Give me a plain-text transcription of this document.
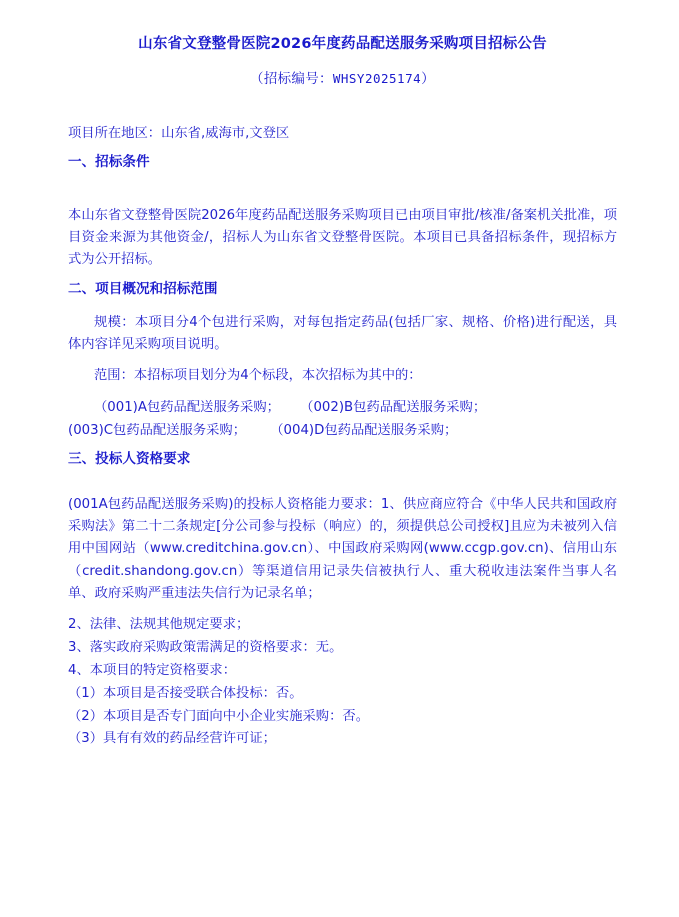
山东省文登整骨医院2026年度药品配送服务采购项目招标公告
（招标编号：WHSY2025174）
项目所在地区：山东省,威海市,文登区
一、招标条件
本山东省文登整骨医院2026年度药品配送服务采购项目已由项目审批/核准/备案机关批准，项目资金来源为其他资金/，招标人为山东省文登整骨医院。本项目已具备招标条件，现招标方式为公开招标。
二、项目概况和招标范围
规模：本项目分4个包进行采购，对每包指定药品(包括厂家、规格、价格)进行配送，具体内容详见采购项目说明。
范围：本招标项目划分为4个标段，本次招标为其中的：
（001)A包药品配送服务采购； （002)B包药品配送服务采购；
(003)C包药品配送服务采购； （004)D包药品配送服务采购；
三、投标人资格要求
(001A包药品配送服务采购)的投标人资格能力要求：1、供应商应符合《中华人民共和国政府采购法》第二十二条规定[分公司参与投标（响应）的，须提供总公司授权]且应为未被列入信用中国网站（www.creditchina.gov.cn）、中国政府采购网(www.ccgp.gov.cn)、信用山东（credit.shandong.gov.cn）等渠道信用记录失信被执行人、重大税收违法案件当事人名单、政府采购严重违法失信行为记录名单；
2、法律、法规其他规定要求；
3、落实政府采购政策需满足的资格要求：无。
4、本项目的特定资格要求：
（1）本项目是否接受联合体投标：否。
（2）本项目是否专门面向中小企业实施采购：否。
（3）具有有效的药品经营许可证；
